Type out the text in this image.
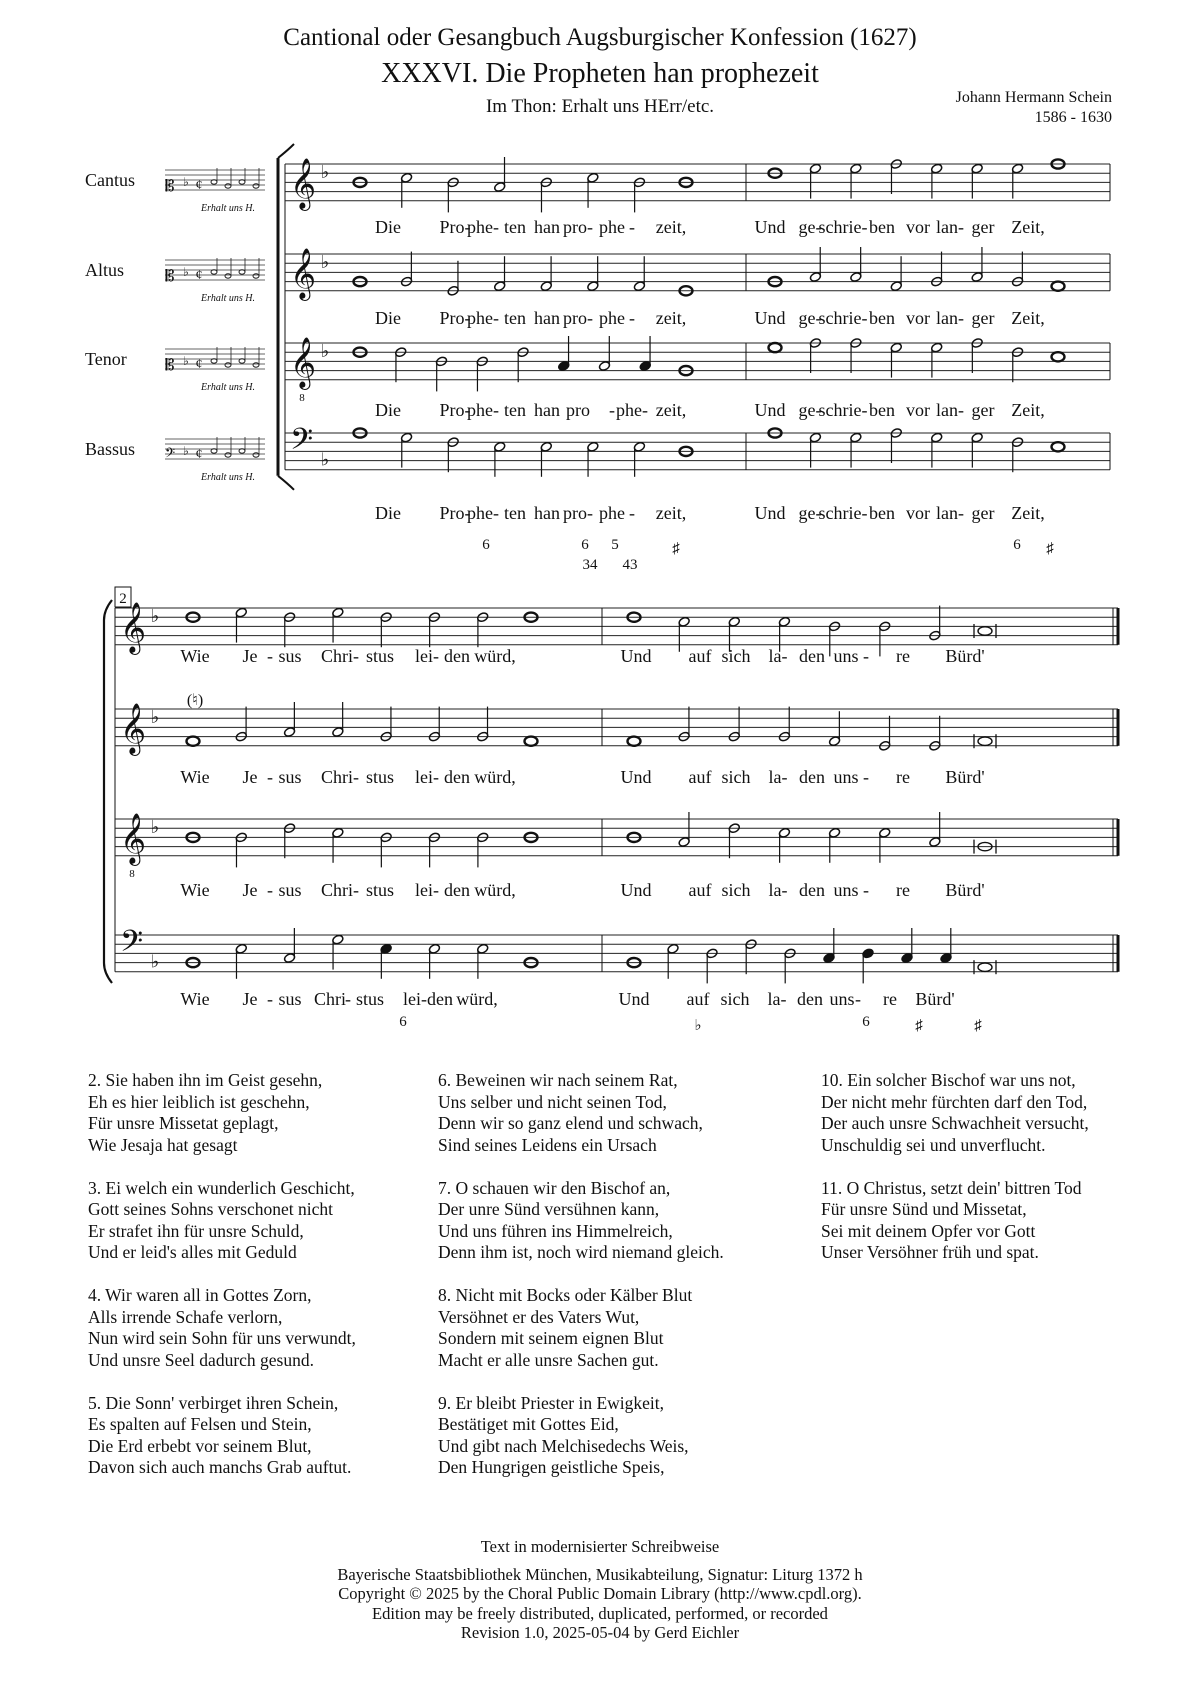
Cantional oder Gesangbuch Augsburgischer Konfession (1627)
XXXVI. Die Propheten han prophezeit
Im Thon: Erhalt uns HErr/etc.	Johann Hermann Schein
1586 - 1630
Cantus 𝄡 ♭ ¢
Erhalt uns H.
𝄞 ♭
Die Pro-
phe- ten han pro- phe - zeit,	Und ge-
schrie- ben vor lan- ger Zeit,
Altus	𝄡 ♭ ¢
Erhalt uns H.
𝄞 ♭
Die Pro-
phe- ten han pro- phe - zeit,	Und ge-
schrie- ben vor lan- ger Zeit,
Tenor 𝄡 ♭ ¢
Erhalt uns H.
𝄞
8
♭
Die Pro-
phe- ten han pro - phe- zeit,	Und ge-
schrie- ben vor lan- ger Zeit,
Bassus 𝄢 ♭ ¢
Erhalt uns H.
𝄢 ♭
Die Pro-
phe- ten han pro- phe - zeit,	Und ge-
schrie- ben vor lan- ger Zeit,
6	6 5	♯
34 43
6 ♯
2
𝄞 ♭
Wie Je - sus Chri- stus lei- den würd,	Und auf sich la- den uns - re Bürd'
𝄞 ♭
Wie Je - sus Chri- stus lei- den würd,	Und auf sich la- den uns - re Bürd'
𝄞
8
♭
Wie Je - sus Chri- stus lei- den würd,	Und auf sich la- den uns - re Bürd'
𝄢 ♭
Wie Je - sus Chri
- stus lei- den würd,	Und auf sich la- den uns - re Bürd'
(♮)
6	♭	6	♯	♯
2. Sie haben ihn im Geist gesehn,
Eh es hier leiblich ist geschehn,
Für unsre Missetat geplagt,
Wie Jesaja hat gesagt
3. Ei welch ein wunderlich Geschicht,
Gott seines Sohns verschonet nicht
Er strafet ihn für unsre Schuld,
Und er leid's alles mit Geduld
4. Wir waren all in Gottes Zorn,
Alls irrende Schafe verlorn,
Nun wird sein Sohn für uns verwundt,
Und unsre Seel dadurch gesund.
5. Die Sonn' verbirget ihren Schein,
Es spalten auf Felsen und Stein,
Die Erd erbebt vor seinem Blut,
Davon sich auch manchs Grab auftut.
6. Beweinen wir nach seinem Rat,
Uns selber und nicht seinen Tod,
Denn wir so ganz elend und schwach,
Sind seines Leidens ein Ursach
7. O schauen wir den Bischof an,
Der unre Sünd versühnen kann,
Und uns führen ins Himmelreich,
Denn ihm ist, noch wird niemand gleich.
8. Nicht mit Bocks oder Kälber Blut
Versöhnet er des Vaters Wut,
Sondern mit seinem eignen Blut
Macht er alle unsre Sachen gut.
9. Er bleibt Priester in Ewigkeit,
Bestätiget mit Gottes Eid,
Und gibt nach Melchisedechs Weis,
Den Hungrigen geistliche Speis,
10. Ein solcher Bischof war uns not,
Der nicht mehr fürchten darf den Tod,
Der auch unsre Schwachheit versucht,
Unschuldig sei und unverflucht.
11. O Christus, setzt dein' bittren Tod
Für unsre Sünd und Missetat,
Sei mit deinem Opfer vor Gott
Unser Versöhner früh und spat.
Text in modernisierter Schreibweise
Bayerische Staatsbibliothek München, Musikabteilung, Signatur: Liturg 1372 h
Copyright © 2025 by the Choral Public Domain Library (http://www.cpdl.org).
Edition may be freely distributed, duplicated, performed, or recorded
Revision 1.0, 2025-05-04 by Gerd Eichler
